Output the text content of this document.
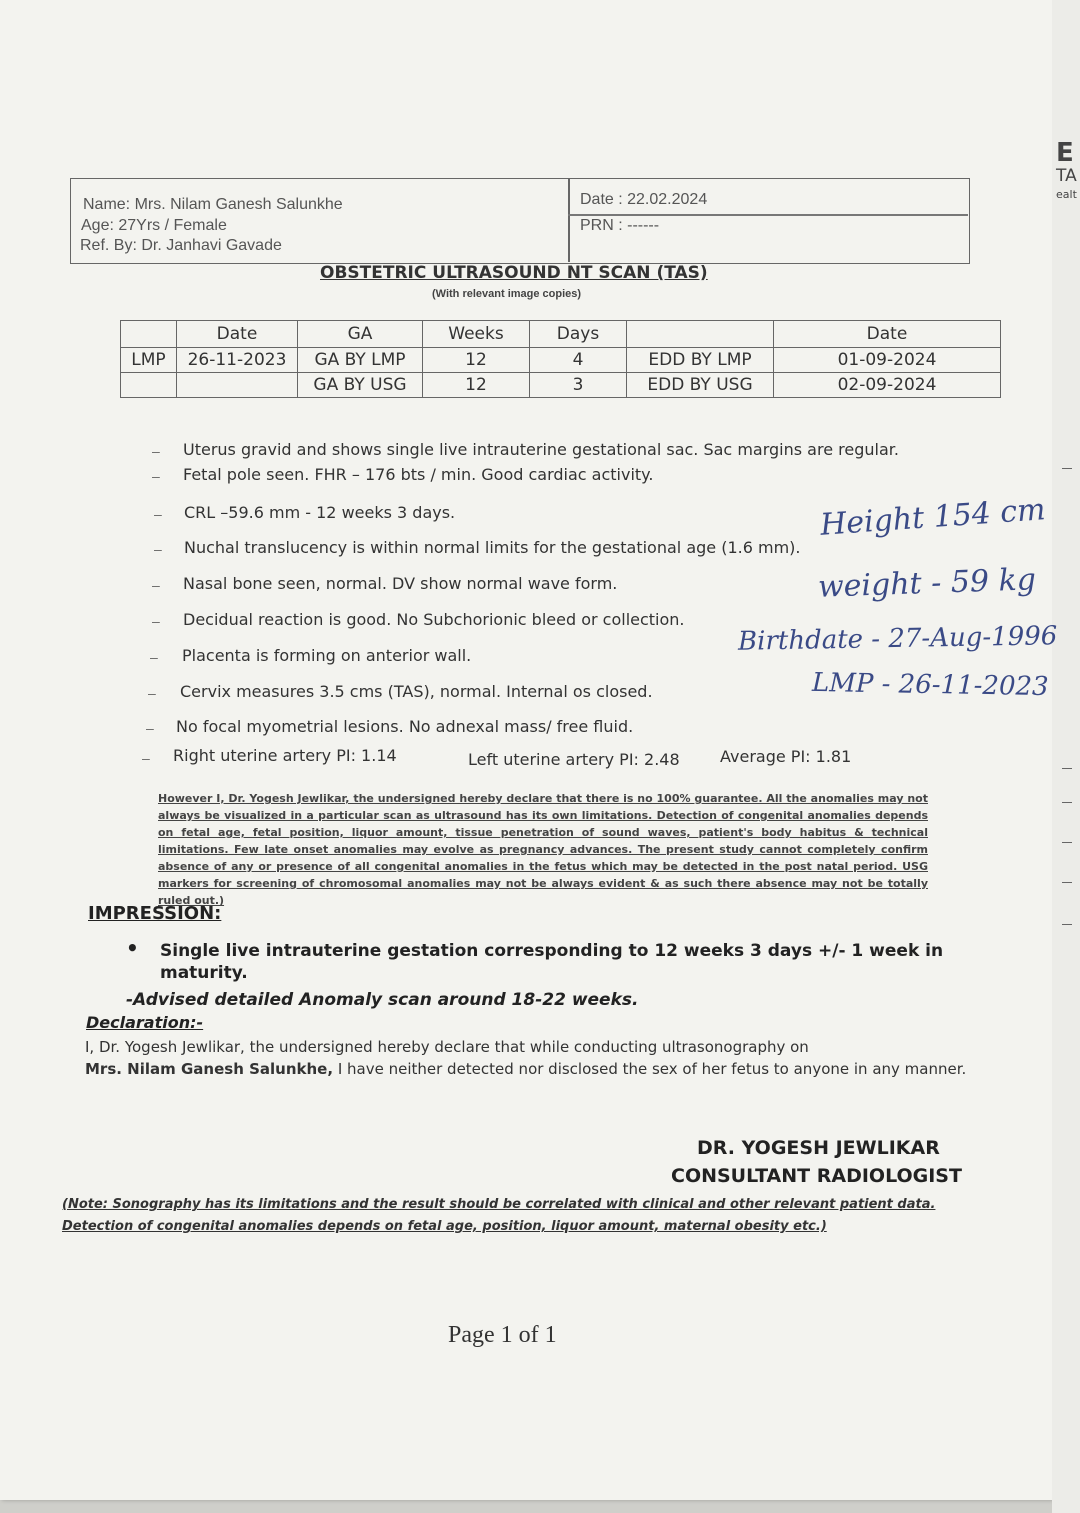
E
TA
ealt
Name: Mrs. Nilam Ganesh Salunkhe
Age: 27Yrs / Female
Ref. By: Dr. Janhavi Gavade
Date : 22.02.2024
PRN : ------
OBSTETRIC ULTRASOUND NT SCAN (TAS)
(With relevant image copies)
	Date	GA	Weeks	Days		Date
LMP	26-11-2023	GA BY LMP	12	4	EDD BY LMP	01-09-2024
		GA BY USG	12	3	EDD BY USG	02-09-2024
– Uterus gravid and shows single live intrauterine gestational sac. Sac margins are regular.
– Fetal pole seen. FHR – 176 bts / min. Good cardiac activity.
– CRL –59.6 mm - 12 weeks 3 days.
– Nuchal translucency is within normal limits for the gestational age (1.6 mm).
– Nasal bone seen, normal. DV show normal wave form.
– Decidual reaction is good. No Subchorionic bleed or collection.
– Placenta is forming on anterior wall.
– Cervix measures 3.5 cms (TAS), normal. Internal os closed.
– No focal myometrial lesions. No adnexal mass/ free fluid.
– Right uterine artery PI: 1.14	Left uterine artery PI: 2.48	Average PI: 1.81
Height 154 cm
weight - 59 kg
Birthdate - 27-Aug-1996
LMP - 26-11-2023
However I, Dr. Yogesh Jewlikar, the undersigned hereby declare that there is no 100% guarantee. All the anomalies may not always be visualized in a particular scan as ultrasound has its own limitations. Detection of congenital anomalies depends on fetal age, fetal position, liquor amount, tissue penetration of sound waves, patient's body habitus & technical limitations. Few late onset anomalies may evolve as pregnancy advances. The present study cannot completely confirm absence of any or presence of all congenital anomalies in the fetus which may be detected in the post natal period. USG markers for screening of chromosomal anomalies may not be always evident & as such there absence may not be totally ruled out.)
IMPRESSION:
• Single live intrauterine gestation corresponding to 12 weeks 3 days +/- 1 week in
maturity.
-Advised detailed Anomaly scan around 18-22 weeks.
Declaration:-
I, Dr. Yogesh Jewlikar, the undersigned hereby declare that while conducting ultrasonography on
Mrs. Nilam Ganesh Salunkhe, I have neither detected nor disclosed the sex of her fetus to anyone in any manner.
DR. YOGESH JEWLIKAR
CONSULTANT RADIOLOGIST
(Note: Sonography has its limitations and the result should be correlated with clinical and other relevant patient data. Detection of congenital anomalies depends on fetal age, position, liquor amount, maternal obesity etc.)
Page 1 of 1
